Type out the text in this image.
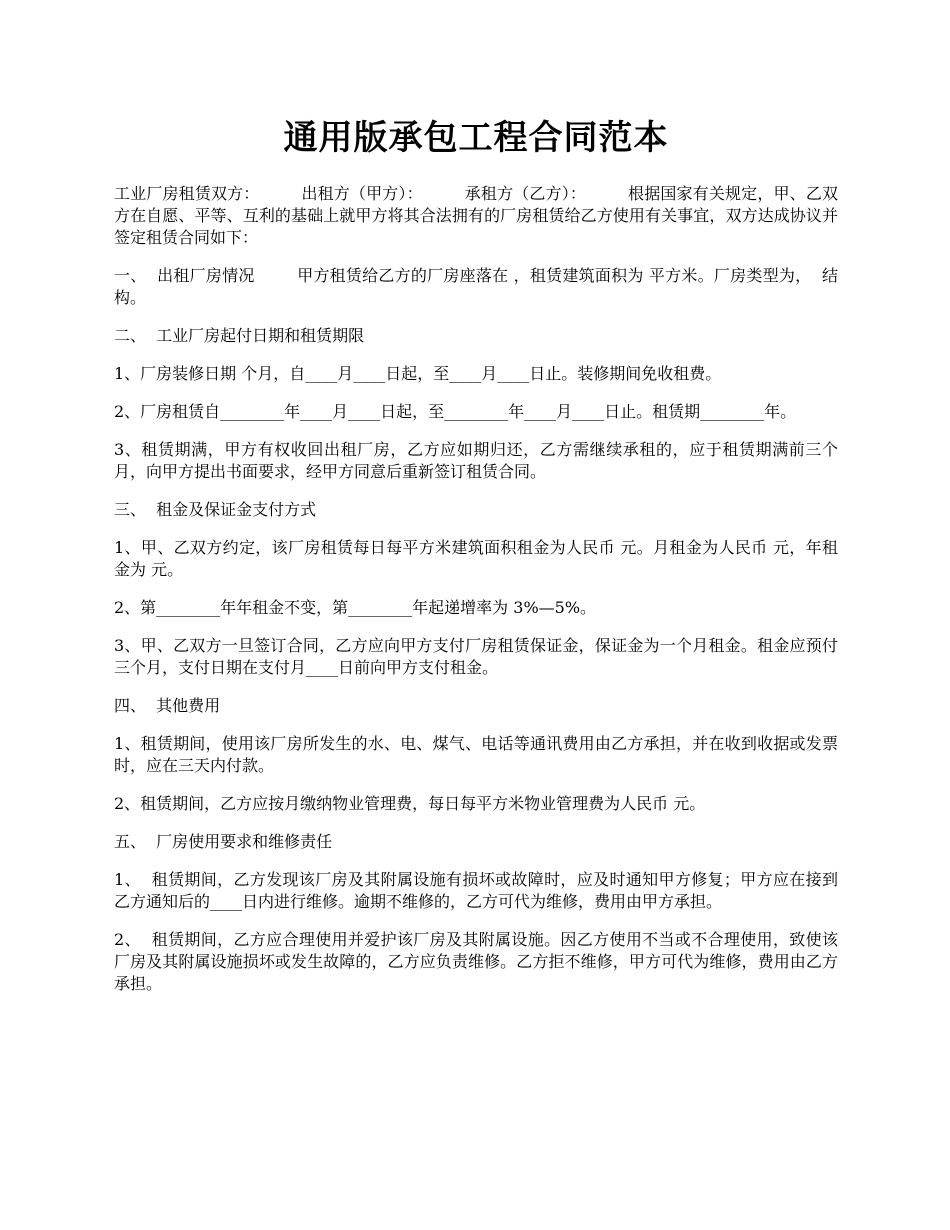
通用版承包工程合同范本

工业厂房租赁双方：        出租方（甲方）：        承租方（乙方）：        根据国家有关规定，甲、乙双方在自愿、平等、互利的基础上就甲方将其合法拥有的厂房租赁给乙方使用有关事宜，双方达成协议并签定租赁合同如下：

一、  出租厂房情况        甲方租赁给乙方的厂房座落在 ，租赁建筑面积为 平方米。厂房类型为，  结构。

二、  工业厂房起付日期和租赁期限

1、厂房装修日期 个月，自____月____日起，至____月____日止。装修期间免收租费。

2、厂房租赁自________年____月____日起，至________年____月____日止。租赁期________年。

3、租赁期满，甲方有权收回出租厂房，乙方应如期归还，乙方需继续承租的，应于租赁期满前三个月，向甲方提出书面要求，经甲方同意后重新签订租赁合同。

三、  租金及保证金支付方式

1、甲、乙双方约定，该厂房租赁每日每平方米建筑面积租金为人民币 元。月租金为人民币 元，年租金为 元。

2、第________年年租金不变，第________年起递增率为 3%—5%。

3、甲、乙双方一旦签订合同，乙方应向甲方支付厂房租赁保证金，保证金为一个月租金。租金应预付三个月，支付日期在支付月____日前向甲方支付租金。

四、  其他费用

1、租赁期间，使用该厂房所发生的水、电、煤气、电话等通讯费用由乙方承担，并在收到收据或发票时，应在三天内付款。

2、租赁期间，乙方应按月缴纳物业管理费，每日每平方米物业管理费为人民币 元。

五、  厂房使用要求和维修责任

1、  租赁期间，乙方发现该厂房及其附属设施有损坏或故障时，应及时通知甲方修复；甲方应在接到乙方通知后的____日内进行维修。逾期不维修的，乙方可代为维修，费用由甲方承担。

2、  租赁期间，乙方应合理使用并爱护该厂房及其附属设施。因乙方使用不当或不合理使用，致使该厂房及其附属设施损坏或发生故障的，乙方应负责维修。乙方拒不维修，甲方可代为维修，费用由乙方承担。
